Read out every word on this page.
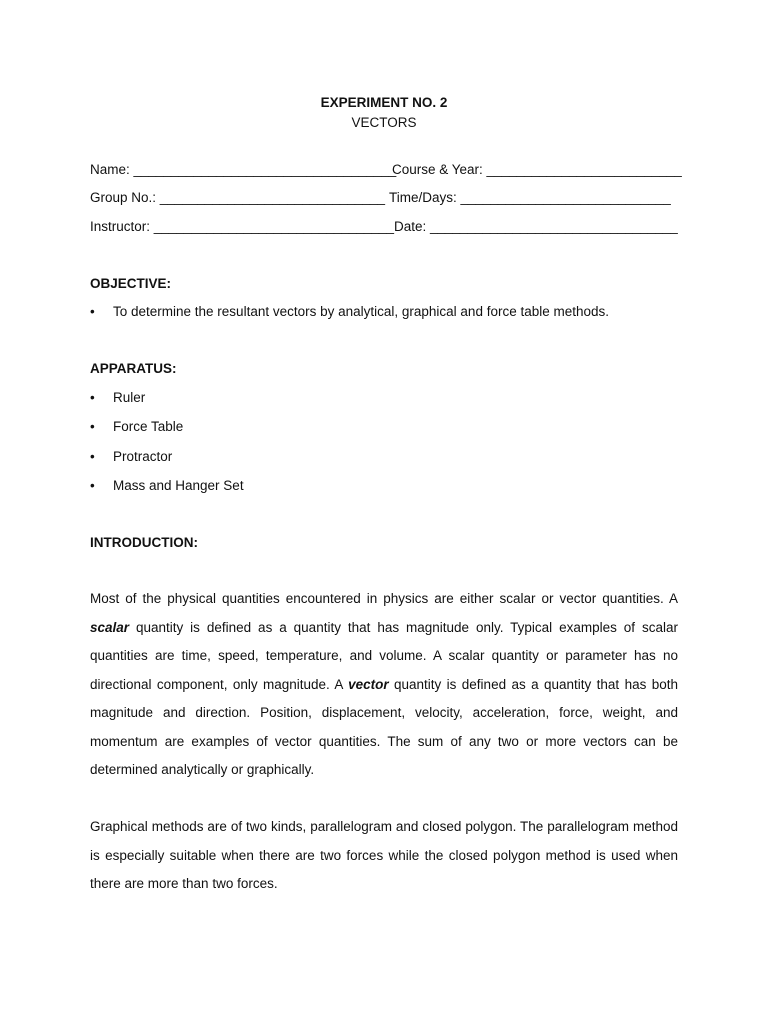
EXPERIMENT NO. 2
VECTORS
Name: ___________________________________
Course & Year: __________________________
Group No.: ______________________________ Time/Days: ____________________________
Instructor: ________________________________ Date: _________________________________
OBJECTIVE:
• To determine the resultant vectors by analytical, graphical and force table methods.
APPARATUS:
• Ruler
• Force Table
• Protractor
• Mass and Hanger Set
INTRODUCTION:

Most of the physical quantities encountered in physics are either scalar or vector quantities. A scalar quantity is defined as a quantity that has magnitude only. Typical examples of scalar quantities are time, speed, temperature, and volume. A scalar quantity or parameter has no directional component, only magnitude. A vector quantity is defined as a quantity that has both magnitude and direction. Position, displacement, velocity, acceleration, force, weight, and momentum are examples of vector quantities. The sum of any two or more vectors can be determined analytically or graphically.

Graphical methods are of two kinds, parallelogram and closed polygon. The parallelogram method is especially suitable when there are two forces while the closed polygon method is used when there are more than two forces.
